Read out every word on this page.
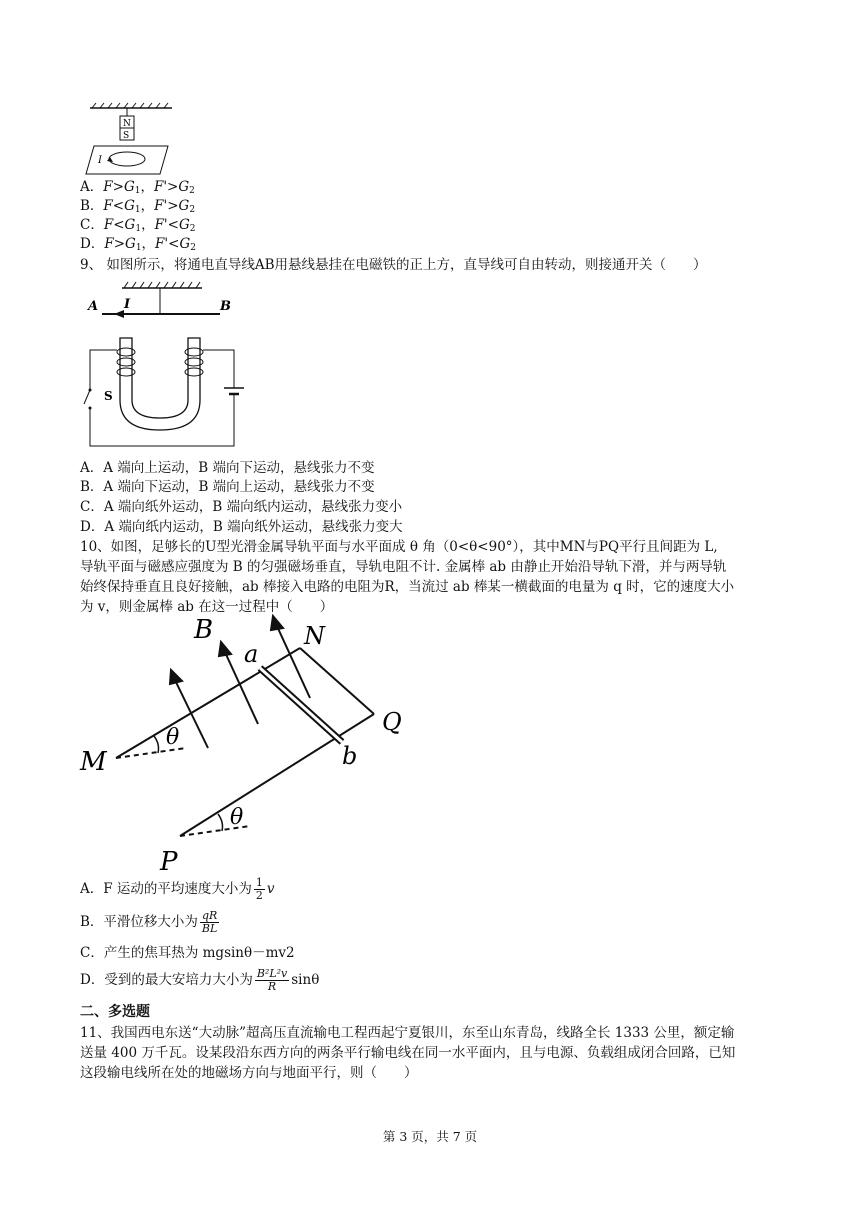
N
S
I
A．$F>G_1$，$F'>G_2$
B．$F<G_1$，$F'>G_2$
C．$F<G_1$，$F'<G_2$
D．$F>G_1$，$F'<G_2$
9、 如图所示，将通电直导线AB用悬线悬挂在电磁铁的正上方，直导线可自由转动，则接通开关（　　）
A I	B
S
A．A 端向上运动，B 端向下运动，悬线张力不变
B．A 端向下运动，B 端向上运动，悬线张力不变
C．A 端向纸外运动，B 端向纸内运动，悬线张力变小
D．A 端向纸内运动，B 端向纸外运动，悬线张力变大
10、如图，足够长的U型光滑金属导轨平面与水平面成 θ 角（0<θ<90°），其中MN与PQ平行且间距为 L,
导轨平面与磁感应强度为 B 的匀强磁场垂直，导轨电阻不计. 金属棒 ab 由静止开始沿导轨下滑，并与两导轨
始终保持垂直且良好接触，ab 棒接入电路的电阻为R，当流过 ab 棒某一横截面的电量为 q 时，它的速度大小
为 v，则金属棒 ab 在这一过程中（　　）
B
a
N
Q
M
θ
b
θ
P
A．F 运动的平均速度大小为 $\frac{1}{2}$ v
B．平滑位移大小为 $\frac{qR}{BL}$
C．产生的焦耳热为 mgsinθ－mv2
D．受到的最大安培力大小为 $\frac{\text{B²L²v}}{R}$ sinθ
二、多选题
11、我国西电东送“大动脉”超高压直流输电工程西起宁夏银川，东至山东青岛，线路全长 1333 公里，额定输
送量 400 万千瓦。设某段沿东西方向的两条平行输电线在同一水平面内，且与电源、负载组成闭合回路，已知
这段输电线所在处的地磁场方向与地面平行，则（　　）
第 3 页，共 7 页
